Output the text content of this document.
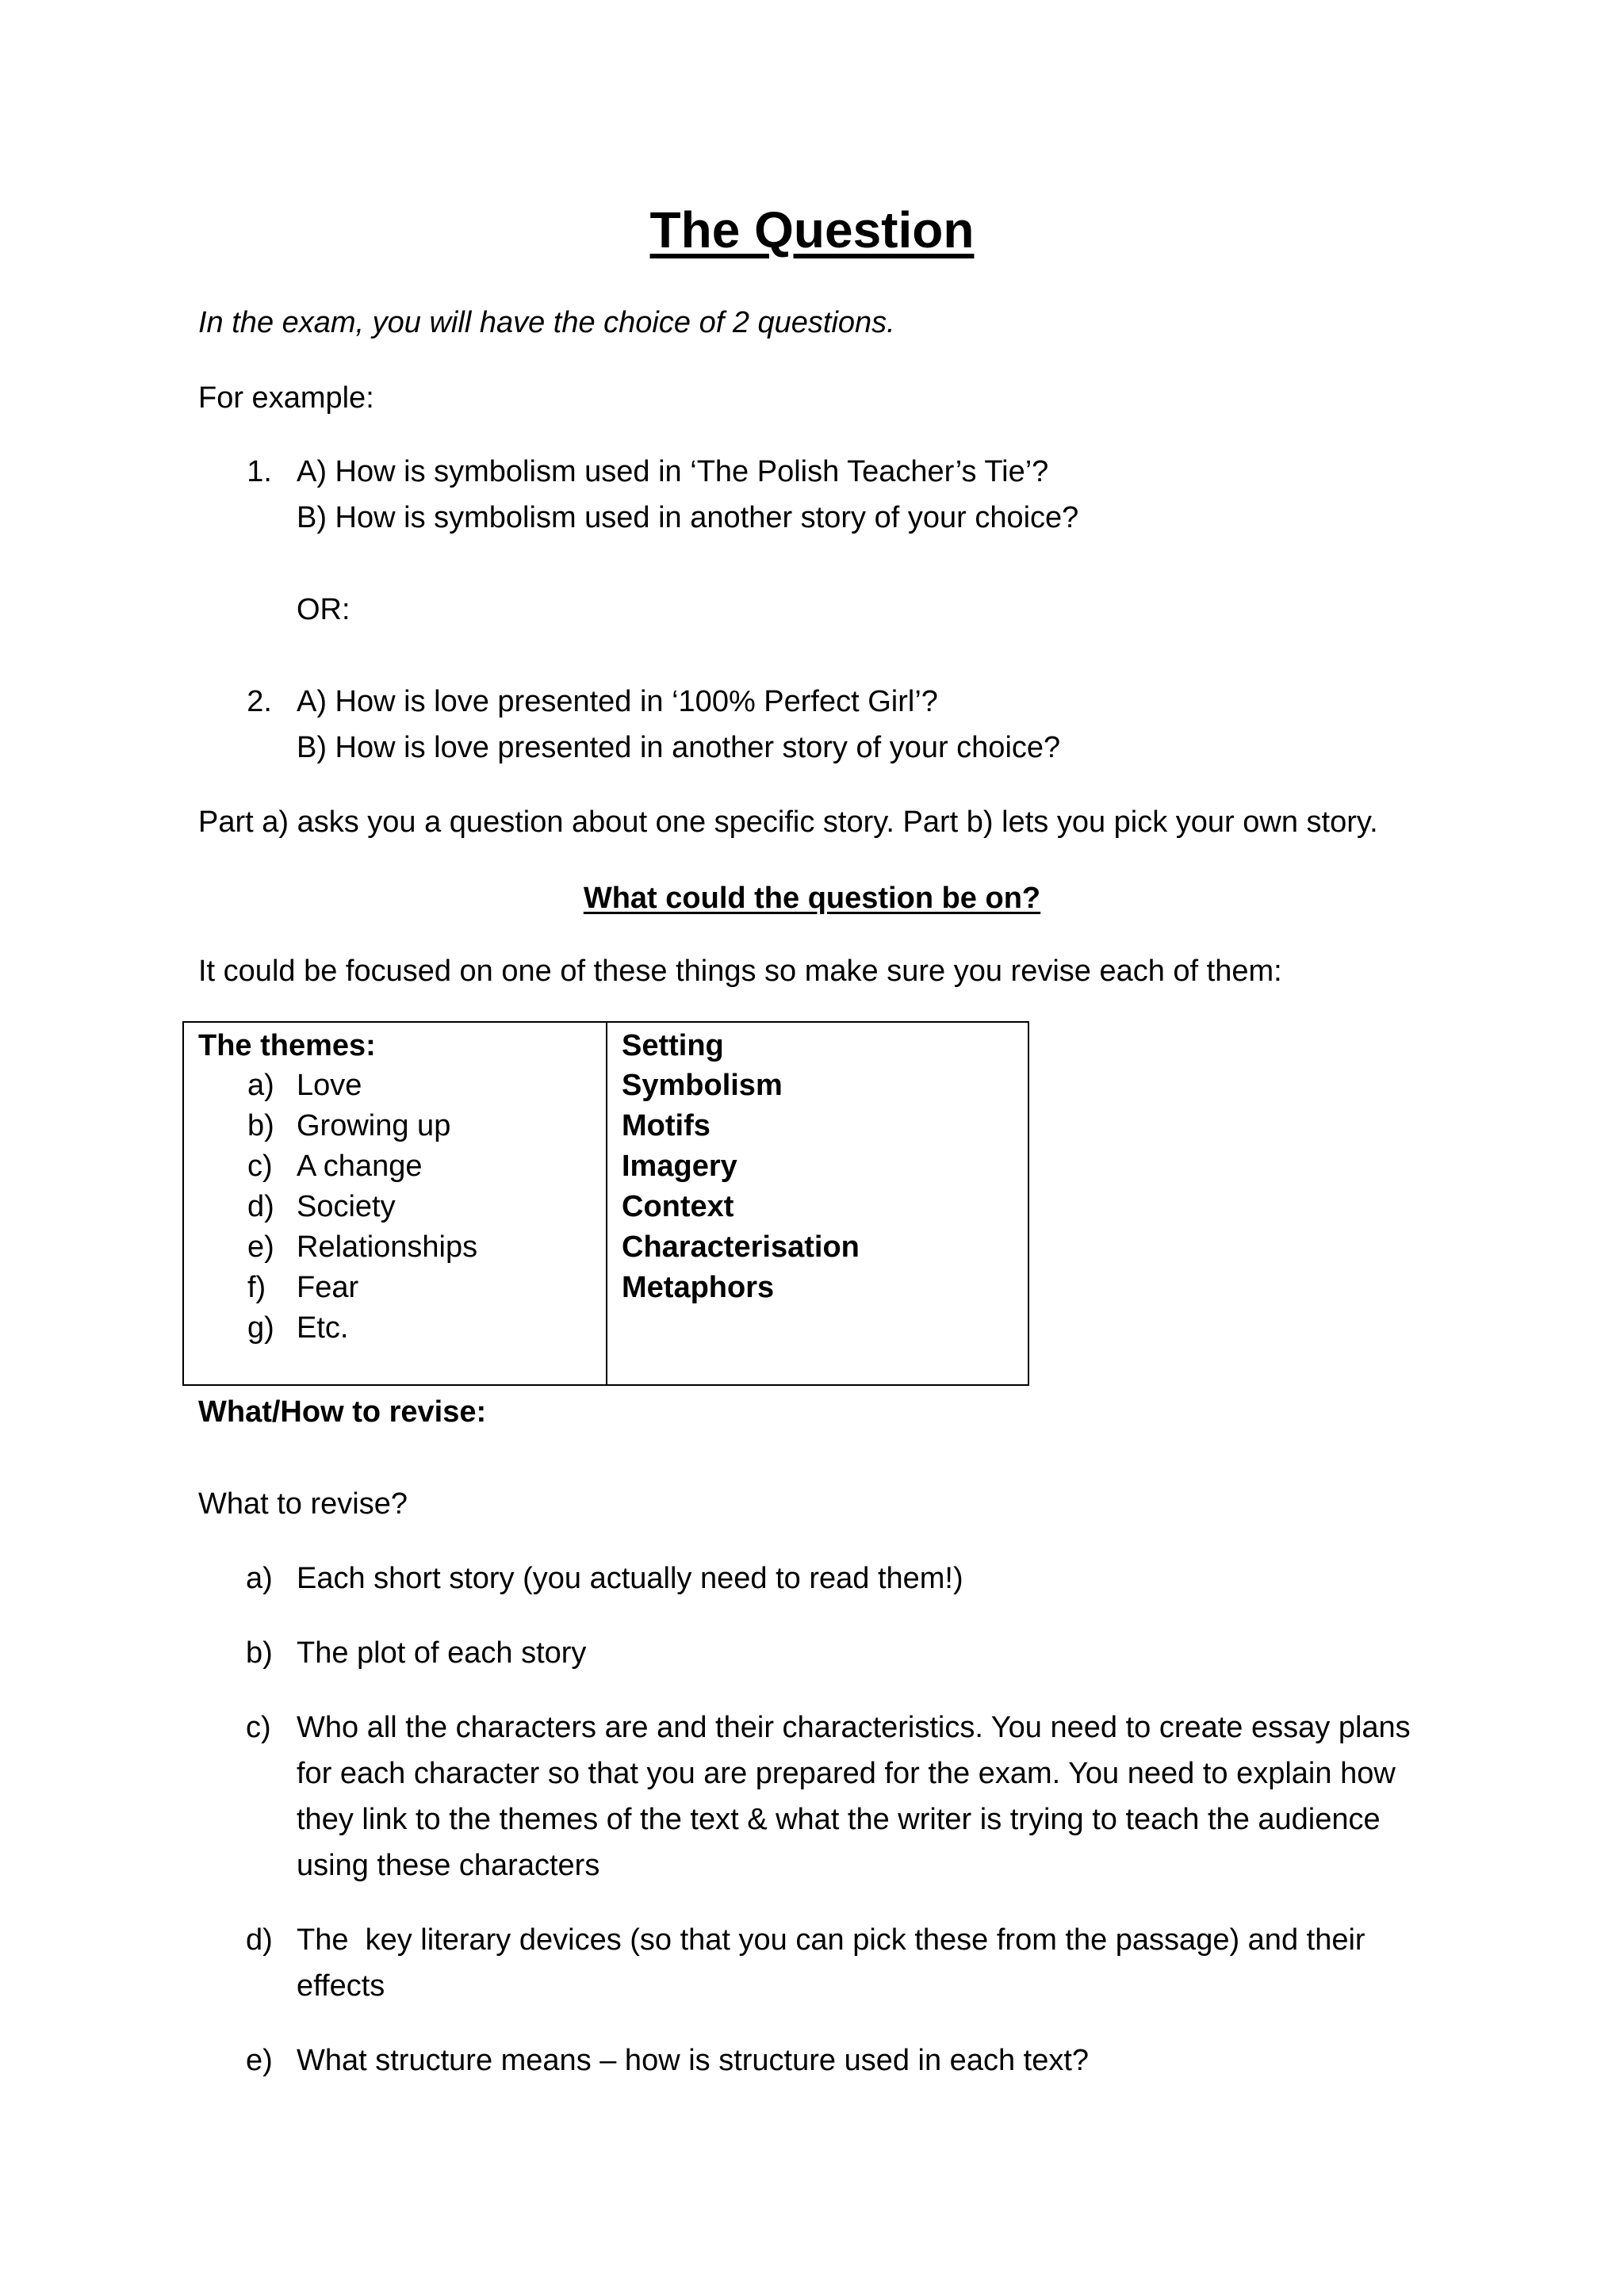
The Question
In the exam, you will have the choice of 2 questions.
For example:
1. A) How is symbolism used in ‘The Polish Teacher’s Tie’?
B) How is symbolism used in another story of your choice?
OR:
2. A) How is love presented in ‘100% Perfect Girl’?
B) How is love presented in another story of your choice?
Part a) asks you a question about one specific story. Part b) lets you pick your own story.
What could the question be on?
It could be focused on one of these things so make sure you revise each of them:
The themes:
a) Love
b) Growing up
c) A change
d) Society
e) Relationships
f) Fear
g) Etc.
Setting
Symbolism
Motifs
Imagery
Context
Characterisation
Metaphors
What/How to revise:
What to revise?
a) Each short story (you actually need to read them!)
b) The plot of each story
c) Who all the characters are and their characteristics. You need to create essay plans
for each character so that you are prepared for the exam. You need to explain how
they link to the themes of the text & what the writer is trying to teach the audience
using these characters
d) The  key literary devices (so that you can pick these from the passage) and their
effects
e) What structure means – how is structure used in each text?
